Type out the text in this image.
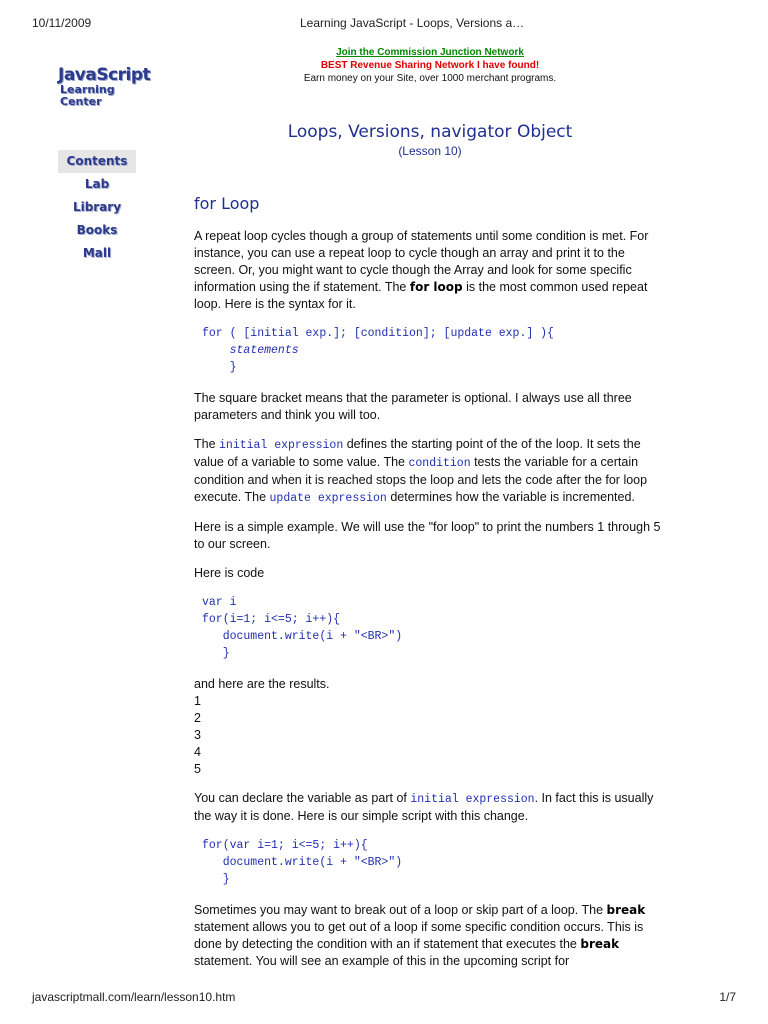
10/11/2009	Learning JavaScript - Loops, Versions a…
Join the Commission Junction Network
BEST Revenue Sharing Network I have found!
Earn money on your Site, over 1000 merchant programs.
JavaScript
Learning Center
Contents
Lab
Library
Books
Mall
Loops, Versions, navigator Object
(Lesson 10)
for Loop

A repeat loop cycles though a group of statements until some condition is met. For instance, you can use a repeat loop to cycle though an array and print it to the screen. Or, you might want to cycle though the Array and look for some specific information using the if statement. The for loop is the most common used repeat loop. Here is the syntax for it.

for ( [initial exp.]; [condition]; [update exp.] ){
statements
}

The square bracket means that the parameter is optional. I always use all three parameters and think you will too.

The initial expression defines the starting point of the of the loop. It sets the value of a variable to some value. The condition tests the variable for a certain condition and when it is reached stops the loop and lets the code after the for loop execute. The update expression determines how the variable is incremented.

Here is a simple example. We will use the "for loop" to print the numbers 1 through 5 to our screen.

Here is code

var i
for(i=1; i<=5; i++){
document.write(i + "<BR>")
}
and here are the results.
1
2
3
4
5

You can declare the variable as part of initial expression. In fact this is usually the way it is done. Here is our simple script with this change.

for(var i=1; i<=5; i++){
document.write(i + "<BR>")
}

Sometimes you may want to break out of a loop or skip part of a loop. The break statement allows you to get out of a loop if some specific condition occurs. This is done by detecting the condition with an if statement that executes the break statement. You will see an example of this in the upcoming script for

javascriptmall.com/learn/lesson10.htm	1/7
